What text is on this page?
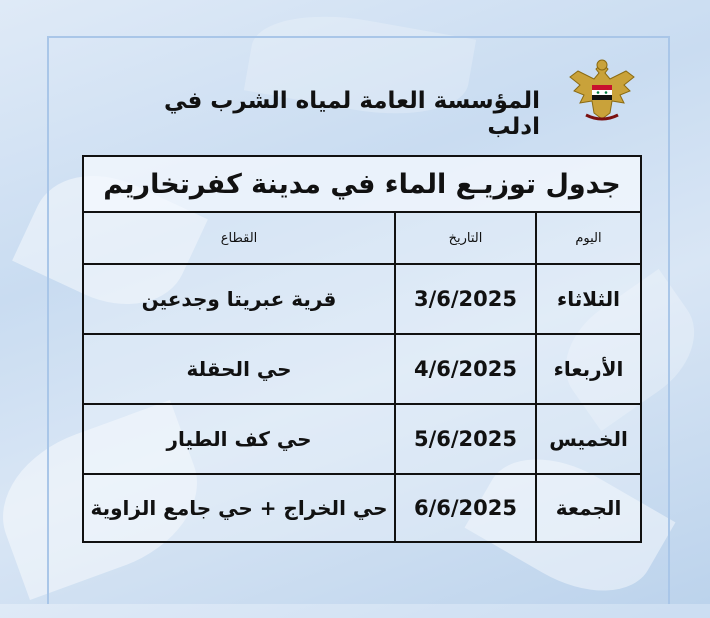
المؤسسة العامة لمياه الشرب في ادلب
جدول توزيـع الماء في مدينة كفرتخاريم		
اليوم	التاريخ	القطاع
الثلاثاء	3/6/2025	قرية عبريتا وجدعين
الأربعاء	4/6/2025	حي الحقلة
الخميس	5/6/2025	حي كف الطيار
الجمعة	6/6/2025	حي الخراج + حي جامع الزاوية
